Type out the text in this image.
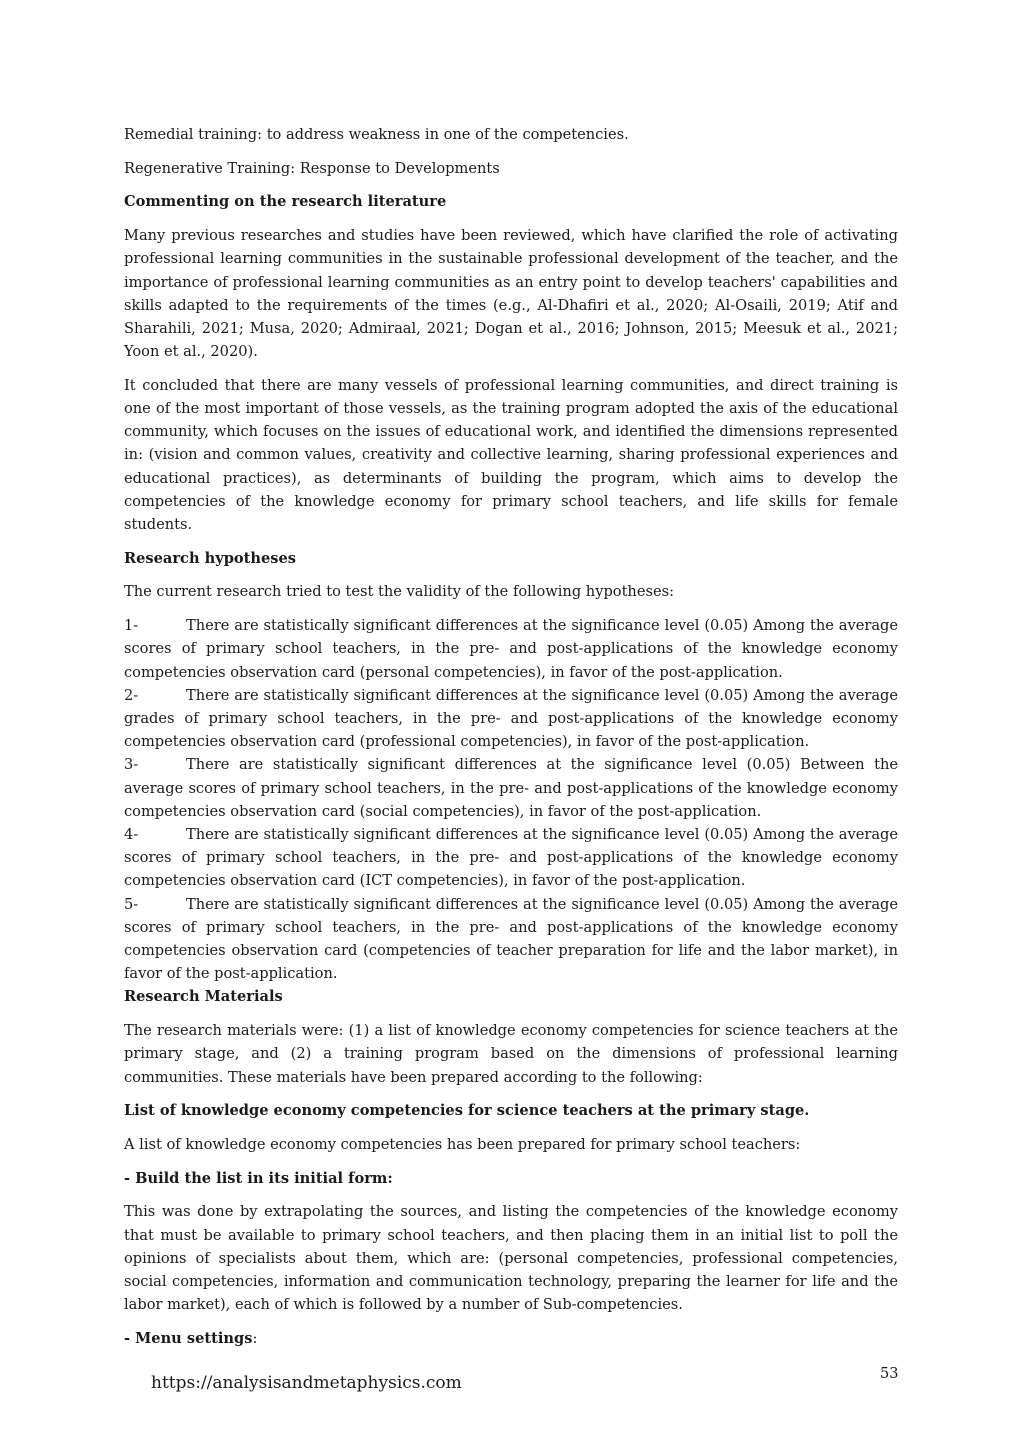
Remedial training: to address weakness in one of the competencies.

Regenerative Training: Response to Developments

Commenting on the research literature

Many previous researches and studies have been reviewed, which have clarified the role of activating professional learning communities in the sustainable professional development of the teacher, and the importance of professional learning communities as an entry point to develop teachers' capabilities and skills adapted to the requirements of the times (e.g., Al-Dhafiri et al., 2020; Al-Osaili, 2019; Atif and Sharahili, 2021; Musa, 2020; Admiraal, 2021; Dogan et al., 2016; Johnson, 2015; Meesuk et al., 2021; Yoon et al., 2020).

It concluded that there are many vessels of professional learning communities, and direct training is one of the most important of those vessels, as the training program adopted the axis of the educational community, which focuses on the issues of educational work, and identified the dimensions represented in: (vision and common values, creativity and collective learning, sharing professional experiences and educational practices), as determinants of building the program, which aims to develop the competencies of the knowledge economy for primary school teachers, and life skills for female students.

Research hypotheses

The current research tried to test the validity of the following hypotheses:

1-	There are statistically significant differences at the significance level (0.05) Among the average scores of primary school teachers, in the pre- and post-applications of the knowledge economy competencies observation card (personal competencies), in favor of the post-application.

2-	There are statistically significant differences at the significance level (0.05) Among the average grades of primary school teachers, in the pre- and post-applications of the knowledge economy competencies observation card (professional competencies), in favor of the post-application.

3-	There are statistically significant differences at the significance level (0.05) Between the average scores of primary school teachers, in the pre- and post-applications of the knowledge economy competencies observation card (social competencies), in favor of the post-application.

4-	There are statistically significant differences at the significance level (0.05) Among the average scores of primary school teachers, in the pre- and post-applications of the knowledge economy competencies observation card (ICT competencies), in favor of the post-application.

5-	There are statistically significant differences at the significance level (0.05) Among the average scores of primary school teachers, in the pre- and post-applications of the knowledge economy competencies observation card (competencies of teacher preparation for life and the labor market), in favor of the post-application.

Research Materials

The research materials were: (1) a list of knowledge economy competencies for science teachers at the primary stage, and (2) a training program based on the dimensions of professional learning communities. These materials have been prepared according to the following:

List of knowledge economy competencies for science teachers at the primary stage.

A list of knowledge economy competencies has been prepared for primary school teachers:

- Build the list in its initial form:

This was done by extrapolating the sources, and listing the competencies of the knowledge economy that must be available to primary school teachers, and then placing them in an initial list to poll the opinions of specialists about them, which are: (personal competencies, professional competencies, social competencies, information and communication technology, preparing the learner for life and the labor market), each of which is followed by a number of Sub-competencies.

- Menu settings:

https://analysisandmetaphysics.com	53
